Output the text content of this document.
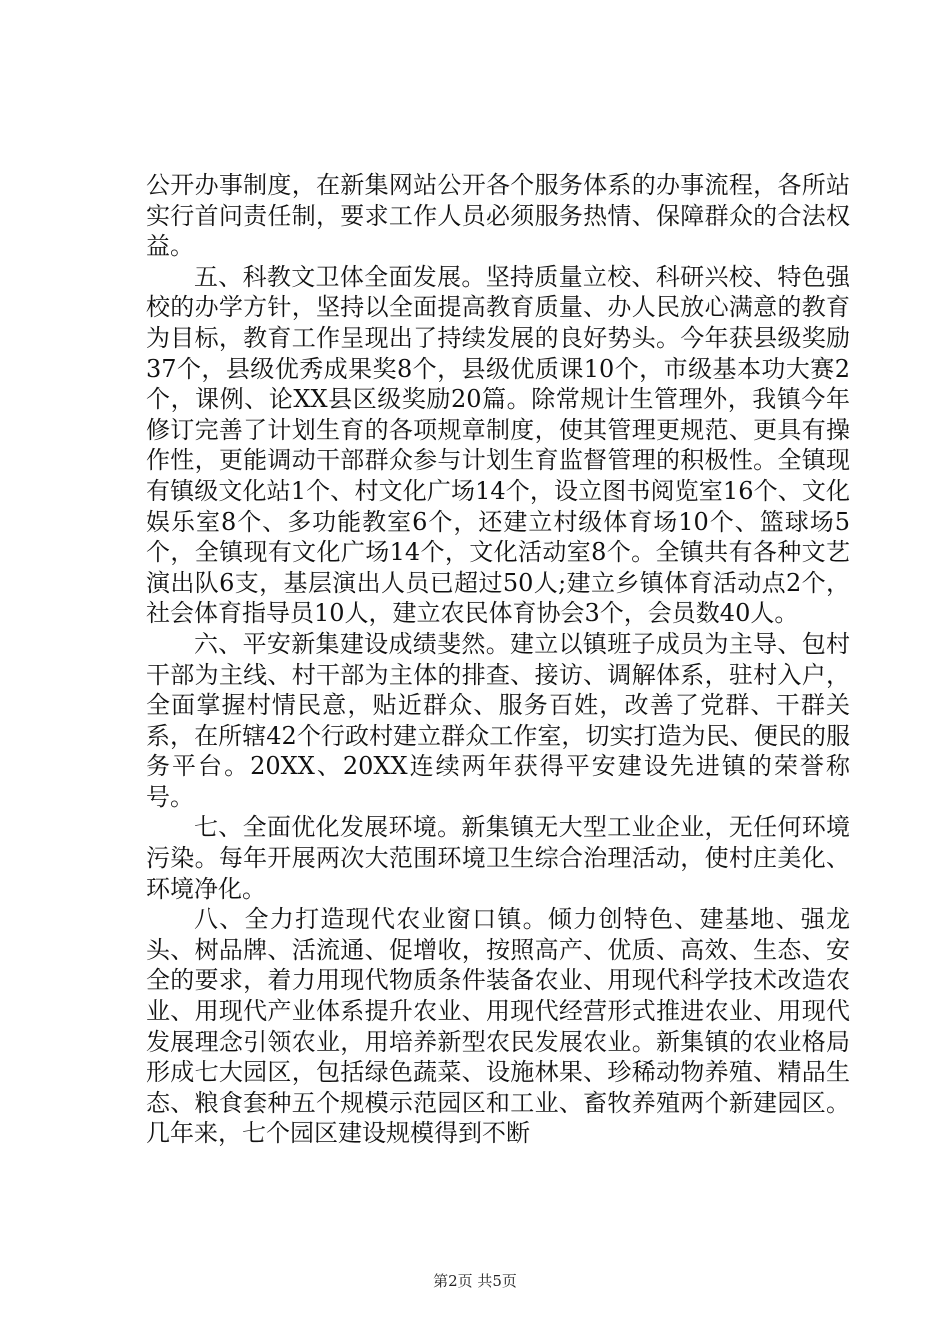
公开办事制度，在新集网站公开各个服务体系的办事流程，各所站实行首问责任制，要求工作人员必须服务热情、保障群众的合法权益。

五、科教文卫体全面发展。坚持质量立校、科研兴校、特色强校的办学方针，坚持以全面提高教育质量、办人民放心满意的教育为目标，教育工作呈现出了持续发展的良好势头。今年获县级奖励37个，县级优秀成果奖8个，县级优质课10个，市级基本功大赛2个，课例、论XX县区级奖励20篇。除常规计生管理外，我镇今年修订完善了计划生育的各项规章制度，使其管理更规范、更具有操作性，更能调动干部群众参与计划生育监督管理的积极性。全镇现有镇级文化站1个、村文化广场14个，设立图书阅览室16个、文化娱乐室8个、多功能教室6个，还建立村级体育场10个、篮球场5个，全镇现有文化广场14个，文化活动室8个。全镇共有各种文艺演出队6支，基层演出人员已超过50人;建立乡镇体育活动点2个，社会体育指导员10人，建立农民体育协会3个，会员数40人。

六、平安新集建设成绩斐然。建立以镇班子成员为主导、包村干部为主线、村干部为主体的排查、接访、调解体系，驻村入户，全面掌握村情民意，贴近群众、服务百姓，改善了党群、干群关系，在所辖42个行政村建立群众工作室，切实打造为民、便民的服务平台。20XX、20XX连续两年获得平安建设先进镇的荣誉称号。

七、全面优化发展环境。新集镇无大型工业企业，无任何环境污染。每年开展两次大范围环境卫生综合治理活动，使村庄美化、环境净化。

八、全力打造现代农业窗口镇。倾力创特色、建基地、强龙头、树品牌、活流通、促增收，按照高产、优质、高效、生态、安全的要求，着力用现代物质条件装备农业、用现代科学技术改造农业、用现代产业体系提升农业、用现代经营形式推进农业、用现代发展理念引领农业，用培养新型农民发展农业。新集镇的农业格局形成七大园区，包括绿色蔬菜、设施林果、珍稀动物养殖、精品生态、粮食套种五个规模示范园区和工业、畜牧养殖两个新建园区。几年来，七个园区建设规模得到不断

第2页 共5页
